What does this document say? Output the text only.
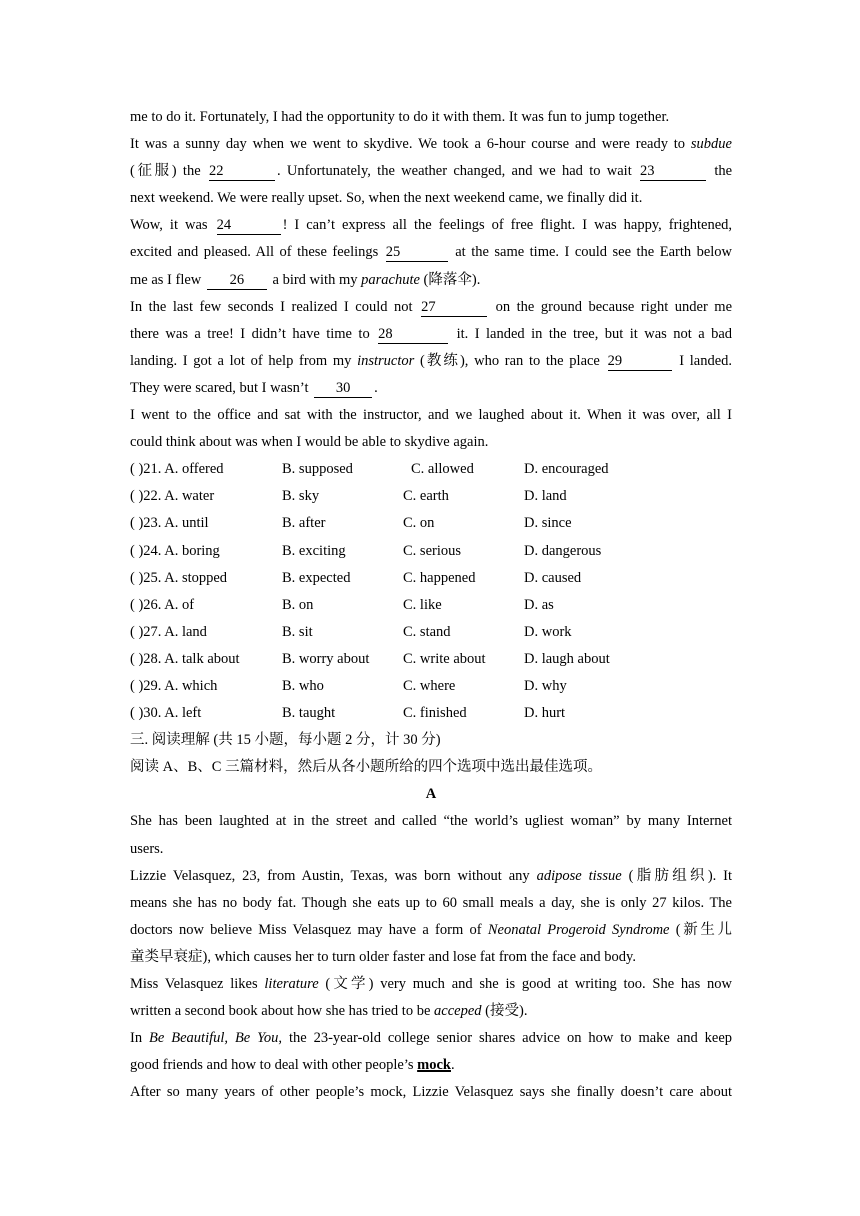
me to do it. Fortunately, I had the opportunity to do it with them. It was fun to jump together.
It was a sunny day when we went to skydive. We took a 6-hour course and were ready to subdue
(征服) the 22	. Unfortunately, the weather changed, and we had to wait 23	the
next weekend. We were really upset. So, when the next weekend came, we finally did it.
Wow, it was 24	! I can’t express all the feelings of free flight. I was happy, frightened,
excited and pleased. All of these feelings 25	at the same time. I could see the Earth below
me as I flew 26 a bird with my parachute (降落伞).
In the last few seconds I realized I could not 27	on the ground because right under me
there was a tree! I didn’t have time to 28	it. I landed in the tree, but it was not a bad
landing. I got a lot of help from my instructor (教练), who ran to the place 29	I landed.
They were scared, but I wasn’t 30 .
I went to the office and sat with the instructor, and we laughed about it. When it was over, all I
could think about was when I would be able to skydive again.
( )21. A. offered	B. supposed	C. allowed	D. encouraged
( )22. A. water	B. sky	C. earth	D. land
( )23. A. until	B. after	C. on	D. since
( )24. A. boring	B. exciting	C. serious	D. dangerous
( )25. A. stopped	B. expected	C. happened	D. caused
( )26. A. of	B. on	C. like	D. as
( )27. A. land	B. sit	C. stand	D. work
( )28. A. talk about	B. worry about C. write about	D. laugh about
( )29. A. which	B. who	C. where	D. why
( )30. A. left	B. taught	C. finished	D. hurt
三. 阅读理解 (共 15 小题，每小题 2 分，计 30 分)
阅读 A、B、C 三篇材料，然后从各小题所给的四个选项中选出最佳选项。
A
She has been laughted at in the street and called “the world’s ugliest woman” by many Internet
users.
Lizzie Velasquez, 23, from Austin, Texas, was born without any adipose tissue (脂肪组织). It
means she has no body fat. Though she eats up to 60 small meals a day, she is only 27 kilos. The
doctors now believe Miss Velasquez may have a form of Neonatal Progeroid Syndrome (新生儿
童类早衰症), which causes her to turn older faster and lose fat from the face and body.
Miss Velasquez likes literature (文学) very much and she is good at writing too. She has now
written a second book about how she has tried to be acceped (接受).
In Be Beautiful, Be You, the 23-year-old college senior shares advice on how to make and keep
good friends and how to deal with other people’s mock.
After so many years of other people’s mock, Lizzie Velasquez says she finally doesn’t care about
